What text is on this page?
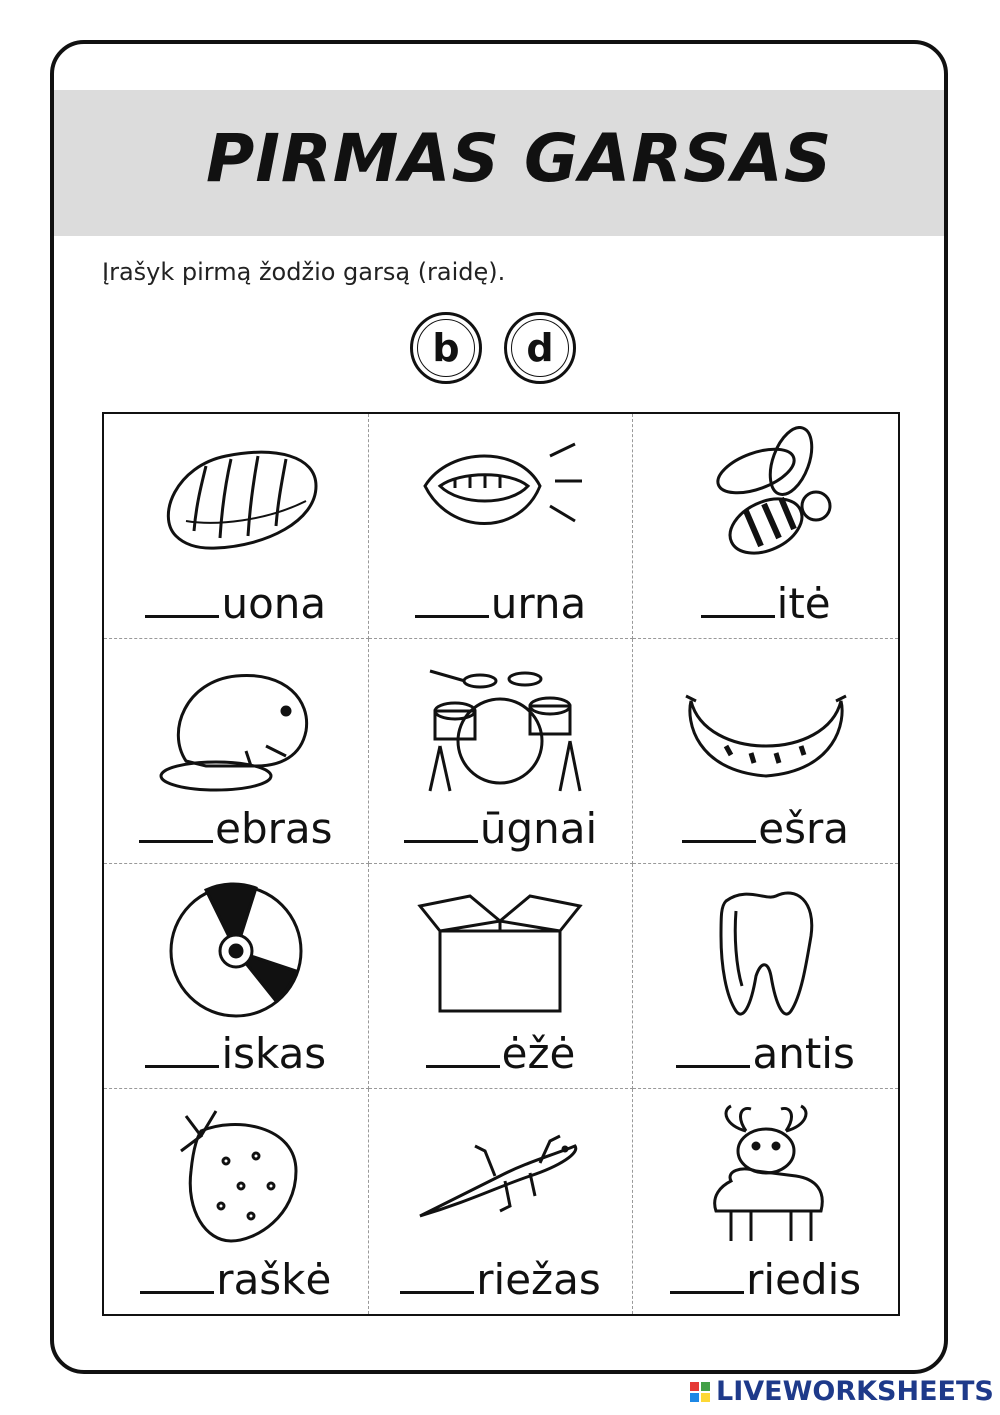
PIRMAS GARSAS
Įrašyk pirmą žodžio garsą (raidę).
b	d
uona	urna	itė
ebras	ūgnai	ešra
iskas	ėžė	antis
raškė	riežas	riedis
LIVEWORKSHEETS
